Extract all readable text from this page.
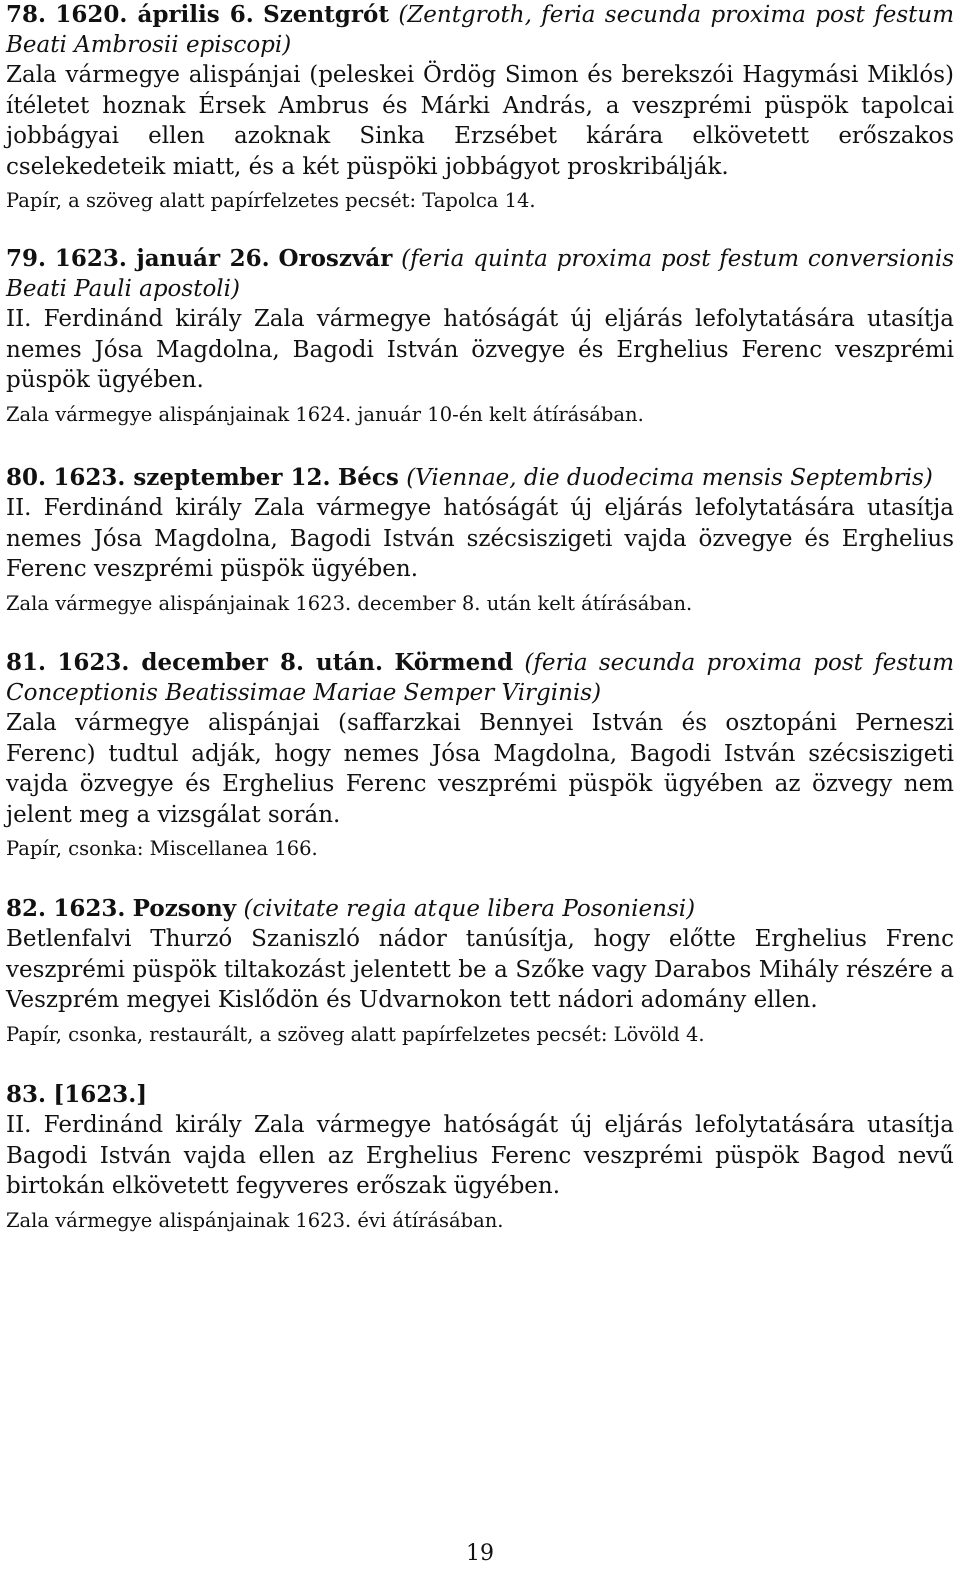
78. 1620. április 6. Szentgrót (Zentgroth, feria secunda proxima post festum Beati Ambrosii episcopi)

Zala vármegye alispánjai (peleskei Ördög Simon és berekszói Hagymási Miklós) ítéletet hoznak Érsek Ambrus és Márki András, a veszprémi püspök tapolcai jobbágyai ellen azoknak Sinka Erzsébet kárára elkövetett erőszakos cselekedeteik miatt, és a két püspöki jobbágyot proskribálják.

Papír, a szöveg alatt papírfelzetes pecsét: Tapolca 14.

79. 1623. január 26. Oroszvár (feria quinta proxima post festum conversionis Beati Pauli apostoli)

II. Ferdinánd király Zala vármegye hatóságát új eljárás lefolytatására utasítja nemes Jósa Magdolna, Bagodi István özvegye és Erghelius Ferenc veszprémi püspök ügyében.

Zala vármegye alispánjainak 1624. január 10-én kelt átírásában.

80. 1623. szeptember 12. Bécs (Viennae, die duodecima mensis Septembris)

II. Ferdinánd király Zala vármegye hatóságát új eljárás lefolytatására utasítja nemes Jósa Magdolna, Bagodi István szécsiszigeti vajda özvegye és Erghelius Ferenc veszprémi püspök ügyében.

Zala vármegye alispánjainak 1623. december 8. után kelt átírásában.

81. 1623. december 8. után. Körmend (feria secunda proxima post festum Conceptionis Beatissimae Mariae Semper Virginis)

Zala vármegye alispánjai (saffarzkai Bennyei István és osztopáni Perneszi Ferenc) tudtul adják, hogy nemes Jósa Magdolna, Bagodi István szécsiszigeti vajda özvegye és Erghelius Ferenc veszprémi püspök ügyében az özvegy nem jelent meg a vizsgálat során.

Papír, csonka: Miscellanea 166.

82. 1623. Pozsony (civitate regia atque libera Posoniensi)

Betlenfalvi Thurzó Szaniszló nádor tanúsítja, hogy előtte Erghelius Frenc veszprémi püspök tiltakozást jelentett be a Szőke vagy Darabos Mihály részére a Veszprém megyei Kislődön és Udvarnokon tett nádori adomány ellen.

Papír, csonka, restaurált, a szöveg alatt papírfelzetes pecsét: Lövöld 4.

83. [1623.]

II. Ferdinánd király Zala vármegye hatóságát új eljárás lefolytatására utasítja Bagodi István vajda ellen az Erghelius Ferenc veszprémi püspök Bagod nevű birtokán elkövetett fegyveres erőszak ügyében.

Zala vármegye alispánjainak 1623. évi átírásában.

19
